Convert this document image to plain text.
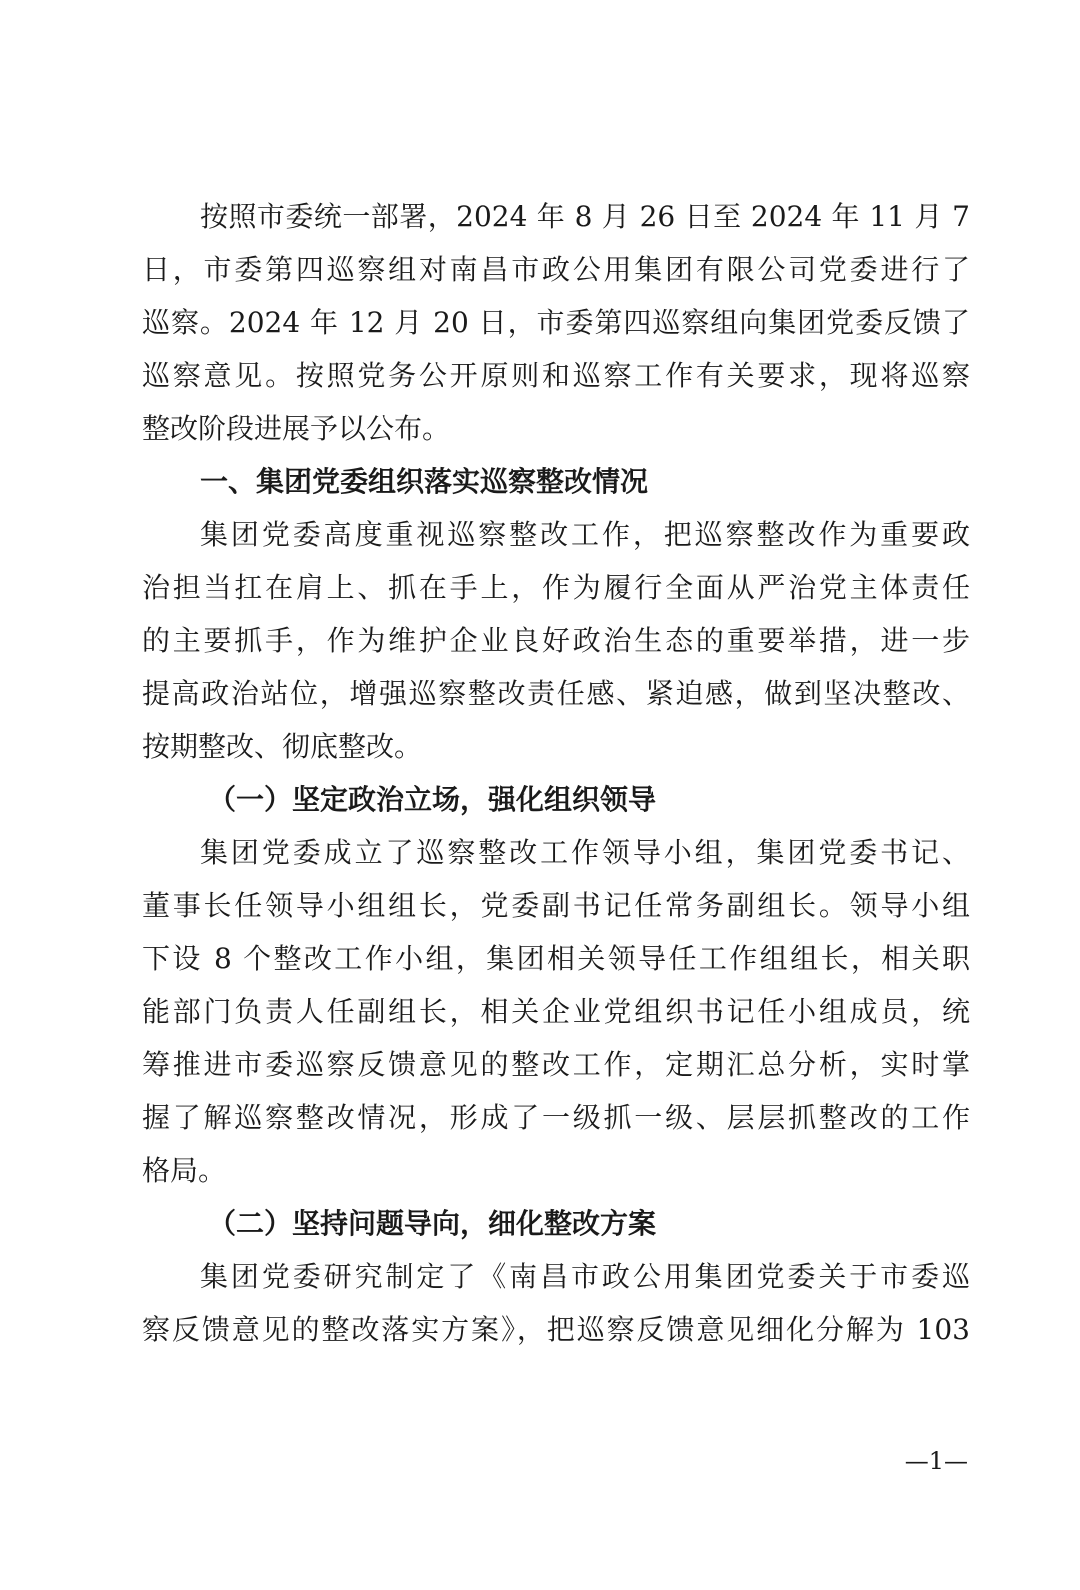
按照市委统一部署，2024 年 8 月 26 日至 2024 年 11 月 7
日，市委第四巡察组对南昌市政公用集团有限公司党委进行了
巡察。2024 年 12 月 20 日，市委第四巡察组向集团党委反馈了
巡察意见。按照党务公开原则和巡察工作有关要求，现将巡察
整改阶段进展予以公布。
一、集团党委组织落实巡察整改情况
集团党委高度重视巡察整改工作，把巡察整改作为重要政
治担当扛在肩上、抓在手上，作为履行全面从严治党主体责任
的主要抓手，作为维护企业良好政治生态的重要举措，进一步
提高政治站位，增强巡察整改责任感、紧迫感，做到坚决整改、
按期整改、彻底整改。
（一）坚定政治立场，强化组织领导
集团党委成立了巡察整改工作领导小组，集团党委书记、
董事长任领导小组组长，党委副书记任常务副组长。领导小组
下设 8 个整改工作小组，集团相关领导任工作组组长，相关职
能部门负责人任副组长，相关企业党组织书记任小组成员，统
筹推进市委巡察反馈意见的整改工作，定期汇总分析，实时掌
握了解巡察整改情况，形成了一级抓一级、层层抓整改的工作
格局。
（二）坚持问题导向，细化整改方案
集团党委研究制定了《南昌市政公用集团党委关于市委巡
察反馈意见的整改落实方案》，把巡察反馈意见细化分解为 103
—1—
